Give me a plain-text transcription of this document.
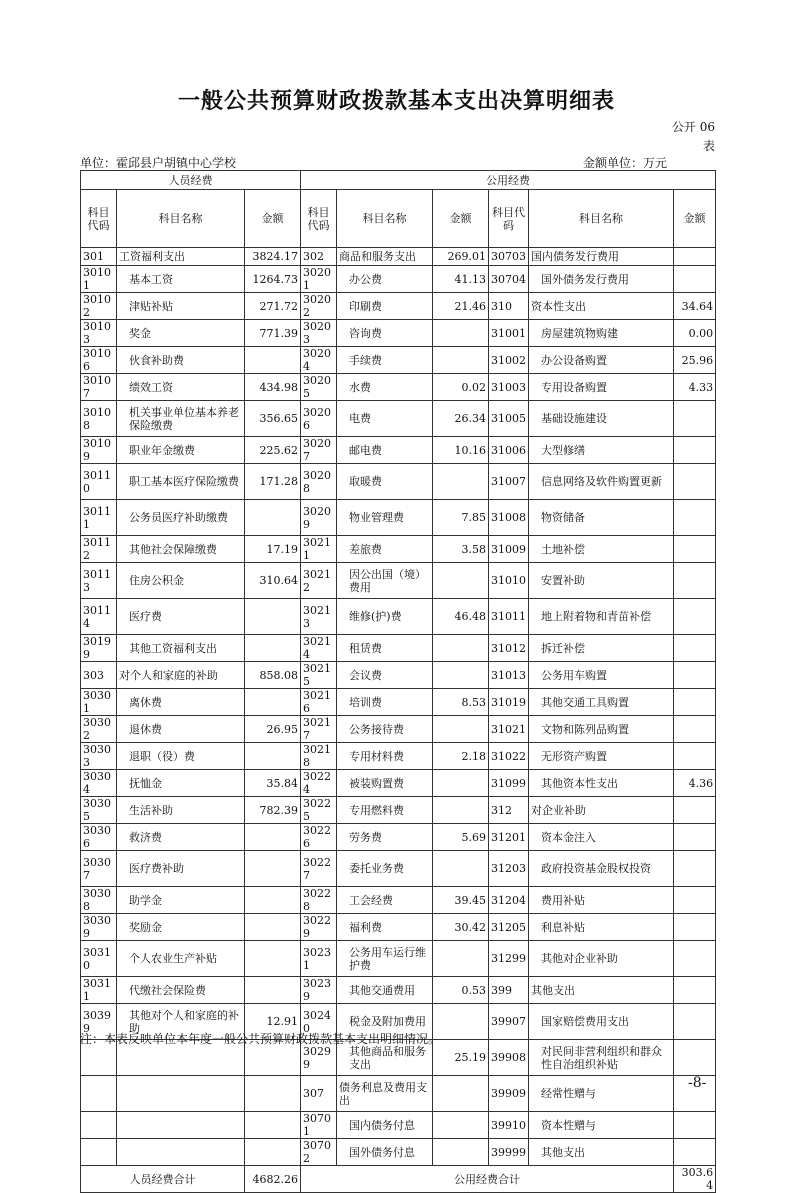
一般公共预算财政拨款基本支出决算明细表
公开 06
表
单位：霍邱县户胡镇中心学校	金额单位：万元
人员经费			公用经费					
科目代码	科目名称	金额	科目代码	科目名称	金额	科目代码	科目名称	金额
301	工资福利支出	3824.17	302	商品和服务支出	269.01	30703	国内债务发行费用	
30101	基本工资	1264.73	30201	办公费	41.13	30704	国外债务发行费用	
30102	津贴补贴	271.72	30202	印刷费	21.46	310	资本性支出	34.64
30103	奖金	771.39	30203	咨询费		31001	房屋建筑物购建	0.00
30106	伙食补助费		30204	手续费		31002	办公设备购置	25.96
30107	绩效工资	434.98	30205	水费	0.02	31003	专用设备购置	4.33
30108	机关事业单位基本养老保险缴费	356.65	30206	电费	26.34	31005	基础设施建设	
30109	职业年金缴费	225.62	30207	邮电费	10.16	31006	大型修缮	
30110	职工基本医疗保险缴费	171.28	30208	取暖费		31007	信息网络及软件购置更新	
30111	公务员医疗补助缴费		30209	物业管理费	7.85	31008	物资储备	
30112	其他社会保障缴费	17.19	30211	差旅费	3.58	31009	土地补偿	
30113	住房公积金	310.64	30212	因公出国（境）费用		31010	安置补助	
30114	医疗费		30213	维修(护)费	46.48	31011	地上附着物和青苗补偿	
30199	其他工资福利支出		30214	租赁费		31012	拆迁补偿	
303	对个人和家庭的补助	858.08	30215	会议费		31013	公务用车购置	
30301	离休费		30216	培训费	8.53	31019	其他交通工具购置	
30302	退休费	26.95	30217	公务接待费		31021	文物和陈列品购置	
30303	退职（役）费		30218	专用材料费	2.18	31022	无形资产购置	
30304	抚恤金	35.84	30224	被装购置费		31099	其他资本性支出	4.36
30305	生活补助	782.39	30225	专用燃料费		312	对企业补助	
30306	救济费		30226	劳务费	5.69	31201	资本金注入	
30307	医疗费补助		30227	委托业务费		31203	政府投资基金股权投资	
30308	助学金		30228	工会经费	39.45	31204	费用补贴	
30309	奖励金		30229	福利费	30.42	31205	利息补贴	
30310	个人农业生产补贴		30231	公务用车运行维护费		31299	其他对企业补助	
30311	代缴社会保险费		30239	其他交通费用	0.53	399	其他支出	
30399	其他对个人和家庭的补助	12.91	30240	税金及附加费用		39907	国家赔偿费用支出	
			30299	其他商品和服务支出	25.19	39908	对民间非营利组织和群众性自治组织补贴	
			307	债务利息及费用支出		39909	经常性赠与	
			30701	国内债务付息		39910	资本性赠与	
			30702	国外债务付息		39999	其他支出	
人员经费合计		4682.26	公用经费合计					303.64
注：本表反映单位本年度一般公共预算财政拨款基本支出明细情况。
-8-
